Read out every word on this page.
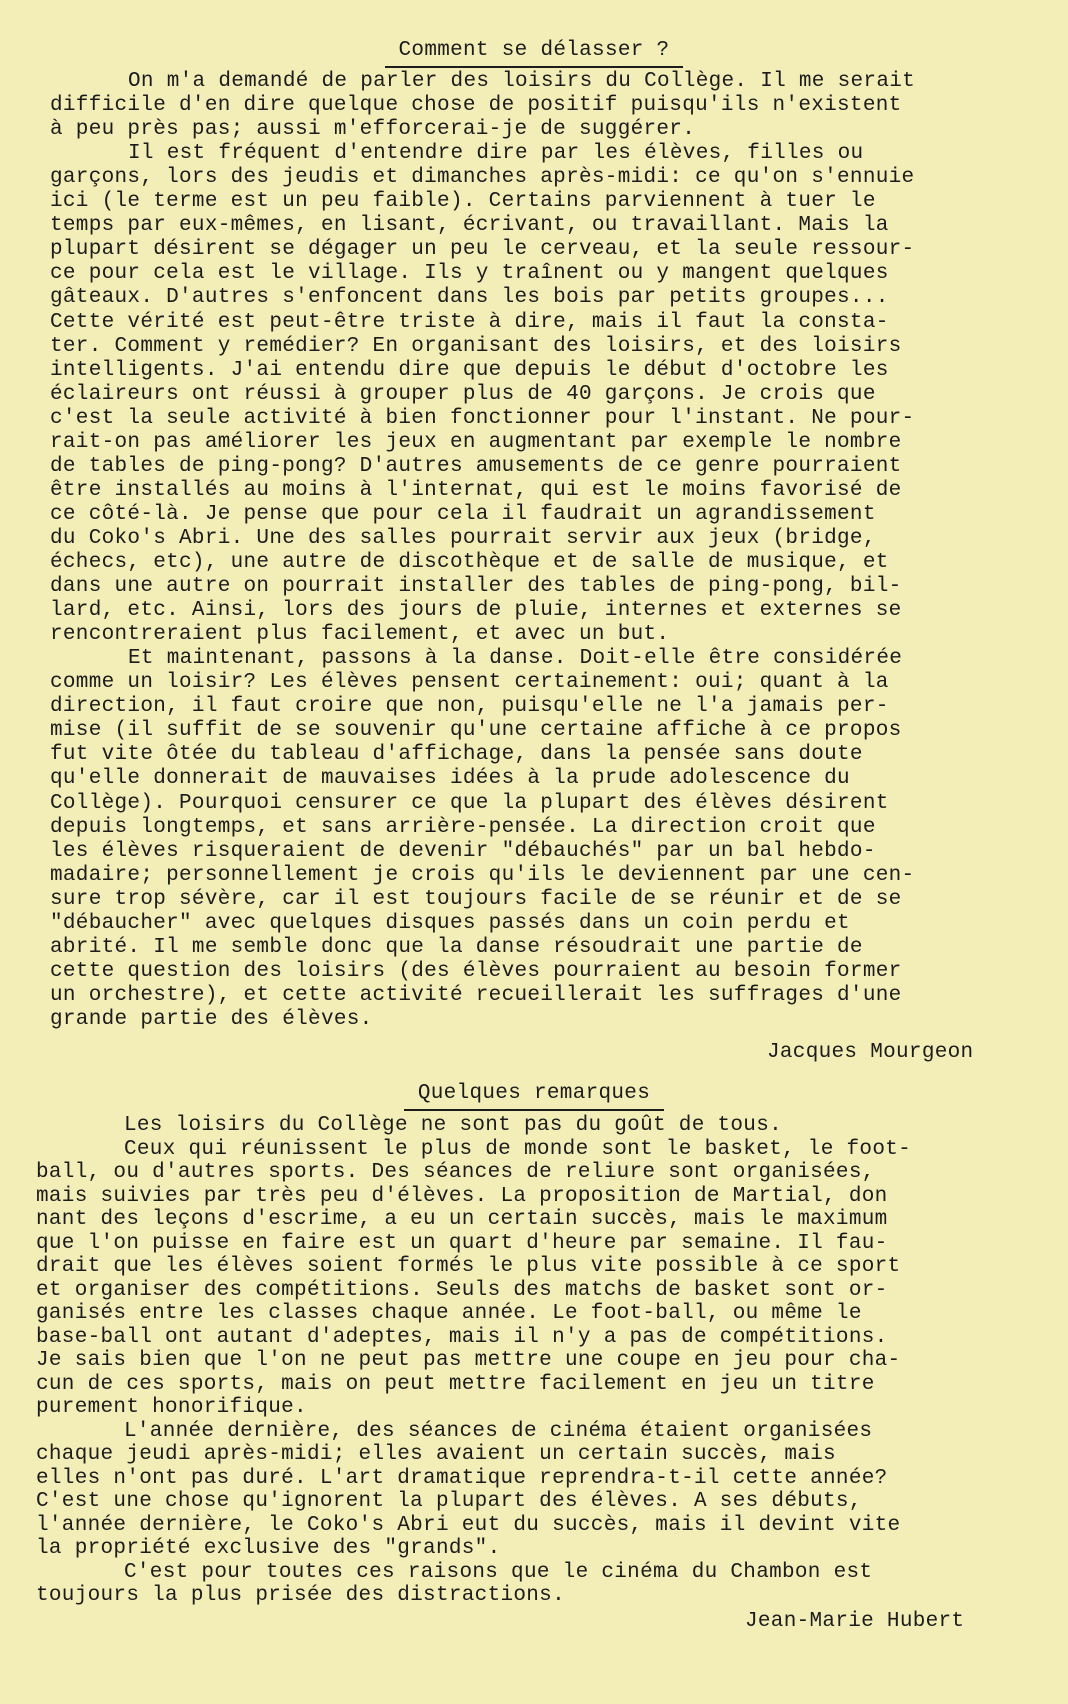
Comment se délasser ?
On m'a demandé de parler des loisirs du Collège. Il me serait
difficile d'en dire quelque chose de positif puisqu'ils n'existent
à peu près pas; aussi m'efforcerai-je de suggérer.
Il est fréquent d'entendre dire par les élèves, filles ou
garçons, lors des jeudis et dimanches après-midi: ce qu'on s'ennuie
ici (le terme est un peu faible). Certains parviennent à tuer le
temps par eux-mêmes, en lisant, écrivant, ou travaillant. Mais la
plupart désirent se dégager un peu le cerveau, et la seule ressour-
ce pour cela est le village. Ils y traînent ou y mangent quelques
gâteaux. D'autres s'enfoncent dans les bois par petits groupes...
Cette vérité est peut-être triste à dire, mais il faut la consta-
ter. Comment y remédier? En organisant des loisirs, et des loisirs
intelligents. J'ai entendu dire que depuis le début d'octobre les
éclaireurs ont réussi à grouper plus de 40 garçons. Je crois que
c'est la seule activité à bien fonctionner pour l'instant. Ne pour-
rait-on pas améliorer les jeux en augmentant par exemple le nombre
de tables de ping-pong? D'autres amusements de ce genre pourraient
être installés au moins à l'internat, qui est le moins favorisé de
ce côté-là. Je pense que pour cela il faudrait un agrandissement
du Coko's Abri. Une des salles pourrait servir aux jeux (bridge,
échecs, etc), une autre de discothèque et de salle de musique, et
dans une autre on pourrait installer des tables de ping-pong, bil-
lard, etc. Ainsi, lors des jours de pluie, internes et externes se
rencontreraient plus facilement, et avec un but.
Et maintenant, passons à la danse. Doit-elle être considérée
comme un loisir? Les élèves pensent certainement: oui; quant à la
direction, il faut croire que non, puisqu'elle ne l'a jamais per-
mise (il suffit de se souvenir qu'une certaine affiche à ce propos
fut vite ôtée du tableau d'affichage, dans la pensée sans doute
qu'elle donnerait de mauvaises idées à la prude adolescence du
Collège). Pourquoi censurer ce que la plupart des élèves désirent
depuis longtemps, et sans arrière-pensée. La direction croit que
les élèves risqueraient de devenir "débauchés" par un bal hebdo-
madaire; personnellement je crois qu'ils le deviennent par une cen-
sure trop sévère, car il est toujours facile de se réunir et de se
"débaucher" avec quelques disques passés dans un coin perdu et
abrité. Il me semble donc que la danse résoudrait une partie de
cette question des loisirs (des élèves pourraient au besoin former
un orchestre), et cette activité recueillerait les suffrages d'une
grande partie des élèves.
Jacques Mourgeon
Quelques remarques
Les loisirs du Collège ne sont pas du goût de tous.
Ceux qui réunissent le plus de monde sont le basket, le foot-
ball, ou d'autres sports. Des séances de reliure sont organisées,
mais suivies par très peu d'élèves. La proposition de Martial, don
nant des leçons d'escrime, a eu un certain succès, mais le maximum
que l'on puisse en faire est un quart d'heure par semaine. Il fau-
drait que les élèves soient formés le plus vite possible à ce sport
et organiser des compétitions. Seuls des matchs de basket sont or-
ganisés entre les classes chaque année. Le foot-ball, ou même le
base-ball ont autant d'adeptes, mais il n'y a pas de compétitions.
Je sais bien que l'on ne peut pas mettre une coupe en jeu pour cha-
cun de ces sports, mais on peut mettre facilement en jeu un titre
purement honorifique.
L'année dernière, des séances de cinéma étaient organisées
chaque jeudi après-midi; elles avaient un certain succès, mais
elles n'ont pas duré. L'art dramatique reprendra-t-il cette année?
C'est une chose qu'ignorent la plupart des élèves. A ses débuts,
l'année dernière, le Coko's Abri eut du succès, mais il devint vite
la propriété exclusive des "grands".
C'est pour toutes ces raisons que le cinéma du Chambon est
toujours la plus prisée des distractions.
Jean-Marie Hubert
